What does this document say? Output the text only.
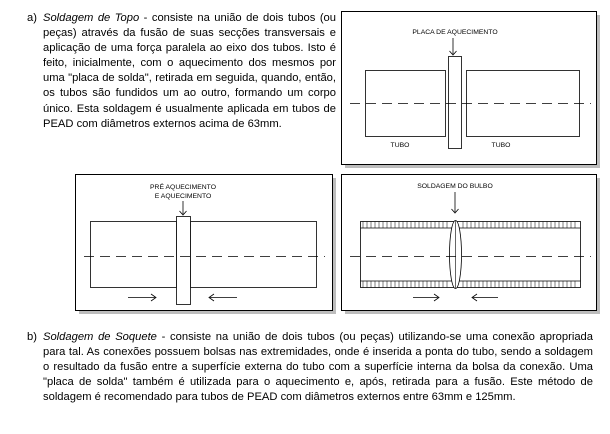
a) Soldagem de Topo - consiste na união de dois tubos (ou peças) através da fusão de suas secções transversais e aplicação de uma força paralela ao eixo dos tubos. Isto é feito, inicialmente, com o aquecimento dos mesmos por uma "placa de solda", retirada em seguida, quando, então, os tubos são fundidos um ao outro, formando um corpo único. Esta soldagem é usualmente aplicada em tubos de PEAD com diâmetros externos acima de 63mm.
b) Soldagem de Soquete - consiste na união de dois tubos (ou peças) utilizando-se uma conexão apropriada para tal. As conexões possuem bolsas nas extremidades, onde é inserida a ponta do tubo, sendo a soldagem o resultado da fusão entre a superfície externa do tubo com a superfície interna da bolsa da conexão. Uma "placa de solda" também é utilizada para o aquecimento e, após, retirada para a fusão. Este método de soldagem é recomendado para tubos de PEAD com diâmetros externos entre 63mm e 125mm.
PLACA DE AQUECIMENTO
TUBO	TUBO
PRÉ AQUECIMENTO
E AQUECIMENTO
SOLDAGEM DO BULBO
